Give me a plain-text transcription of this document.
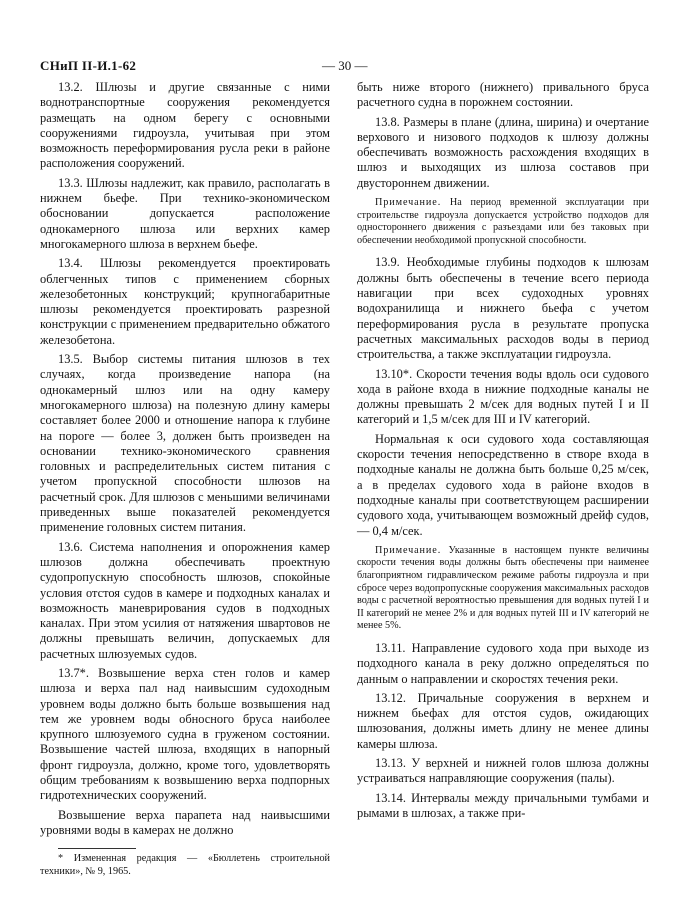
СНиП II-И.1-62	— 30 —

13.2. Шлюзы и другие связанные с ними воднотранспортные сооружения рекомендуется размещать на одном берегу с основными сооружениями гидроузла, учитывая при этом возможность переформирования русла реки в районе расположения сооружений.

13.3. Шлюзы надлежит, как правило, располагать в нижнем бьефе. При технико-экономическом обосновании допускается расположение однокамерного шлюза или верхних камер многокамерного шлюза в верхнем бьефе.

13.4. Шлюзы рекомендуется проектировать облегченных типов с применением сборных железобетонных конструкций; крупногабаритные шлюзы рекомендуется проектировать разрезной конструкции с применением предварительно обжатого железобетона.

13.5. Выбор системы питания шлюзов в тех случаях, когда произведение напора (на однокамерный шлюз или на одну камеру многокамерного шлюза) на полезную длину камеры составляет более 2000 и отношение напора к глубине на пороге — более 3, должен быть произведен на основании технико-экономического сравнения головных и распределительных систем питания с учетом пропускной способности шлюзов на расчетный срок. Для шлюзов с меньшими величинами приведенных выше показателей рекомендуется применение головных систем питания.

13.6. Система наполнения и опорожнения камер шлюзов должна обеспечивать проектную судопропускную способность шлюзов, спокойные условия отстоя судов в камере и подходных каналах и возможность маневрирования судов в подходных каналах. При этом усилия от натяжения швартовов не должны превышать величин, допускаемых для расчетных шлюзуемых судов.

13.7*. Возвышение верха стен голов и камер шлюза и верха пал над наивысшим судоходным уровнем воды должно быть больше возвышения над тем же уровнем воды обносного бруса наиболее крупного шлюзуемого судна в груженом состоянии. Возвышение частей шлюза, входящих в напорный фронт гидроузла, должно, кроме того, удовлетворять общим требованиям к возвышению верха подпорных гидротехнических сооружений.

Возвышение верха парапета над наивысшими уровнями воды в камерах не должно

* Измененная редакция — «Бюллетень строительной техники», № 9, 1965.

быть ниже второго (нижнего) привального бруса расчетного судна в порожнем состоянии.

13.8. Размеры в плане (длина, ширина) и очертание верхового и низового подходов к шлюзу должны обеспечивать возможность расхождения входящих в шлюз и выходящих из шлюза составов при двустороннем движении.

Примечание. На период временной эксплуатации при строительстве гидроузла допускается устройство подходов для одностороннего движения с разъездами или без таковых при обеспечении необходимой пропускной способности.

13.9. Необходимые глубины подходов к шлюзам должны быть обеспечены в течение всего периода навигации при всех судоходных уровнях водохранилища и нижнего бьефа с учетом переформирования русла в результате пропуска расчетных максимальных расходов воды в период строительства, а также эксплуатации гидроузла.

13.10*. Скорости течения воды вдоль оси судового хода в районе входа в нижние подходные каналы не должны превышать 2 м/сек для водных путей I и II категорий и 1,5 м/сек для III и IV категорий.

Нормальная к оси судового хода составляющая скорости течения непосредственно в створе входа в подходные каналы не должна быть больше 0,25 м/сек, а в пределах судового хода в районе входов в подходные каналы при соответствующем расширении судового хода, учитывающем возможный дрейф судов, — 0,4 м/сек.

Примечание. Указанные в настоящем пункте величины скорости течения воды должны быть обеспечены при наименее благоприятном гидравлическом режиме работы гидроузла и при сбросе через водопропускные сооружения максимальных расходов воды с расчетной вероятностью превышения для водных путей I и II категорий не менее 2% и для водных путей III и IV категорий не менее 5%.

13.11. Направление судового хода при выходе из подходного канала в реку должно определяться по данным о направлении и скоростях течения реки.

13.12. Причальные сооружения в верхнем и нижнем бьефах для отстоя судов, ожидающих шлюзования, должны иметь длину не менее длины камеры шлюза.

13.13. У верхней и нижней голов шлюза должны устраиваться направляющие сооружения (палы).

13.14. Интервалы между причальными тумбами и рымами в шлюзах, а также при-
